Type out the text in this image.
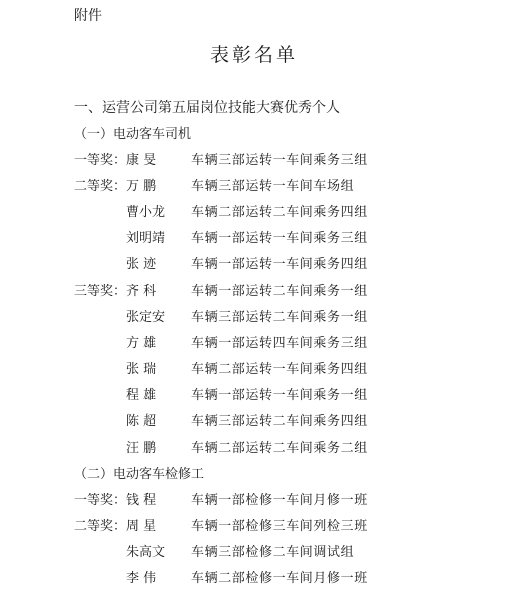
附件
表彰名单
一、运营公司第五届岗位技能大赛优秀个人
（一）电动客车司机
一等奖： 康 旻	车辆三部运转一车间乘务三组
二等奖： 万 鹏	车辆三部运转一车间车场组
曹小龙 车辆二部运转二车间乘务四组
刘明靖 车辆一部运转一车间乘务三组
张 迹	车辆一部运转一车间乘务四组
三等奖： 齐 科	车辆一部运转二车间乘务一组
张定安 车辆三部运转二车间乘务一组
方 雄	车辆一部运转四车间乘务三组
张 瑞	车辆二部运转一车间乘务四组
程 雄	车辆一部运转一车间乘务一组
陈 超	车辆三部运转二车间乘务四组
汪 鹏	车辆二部运转二车间乘务二组
（二）电动客车检修工
一等奖： 钱 程	车辆一部检修一车间月修一班
二等奖： 周 星	车辆一部检修三车间列检三班
朱高文 车辆三部检修二车间调试组
李 伟	车辆二部检修一车间月修一班
